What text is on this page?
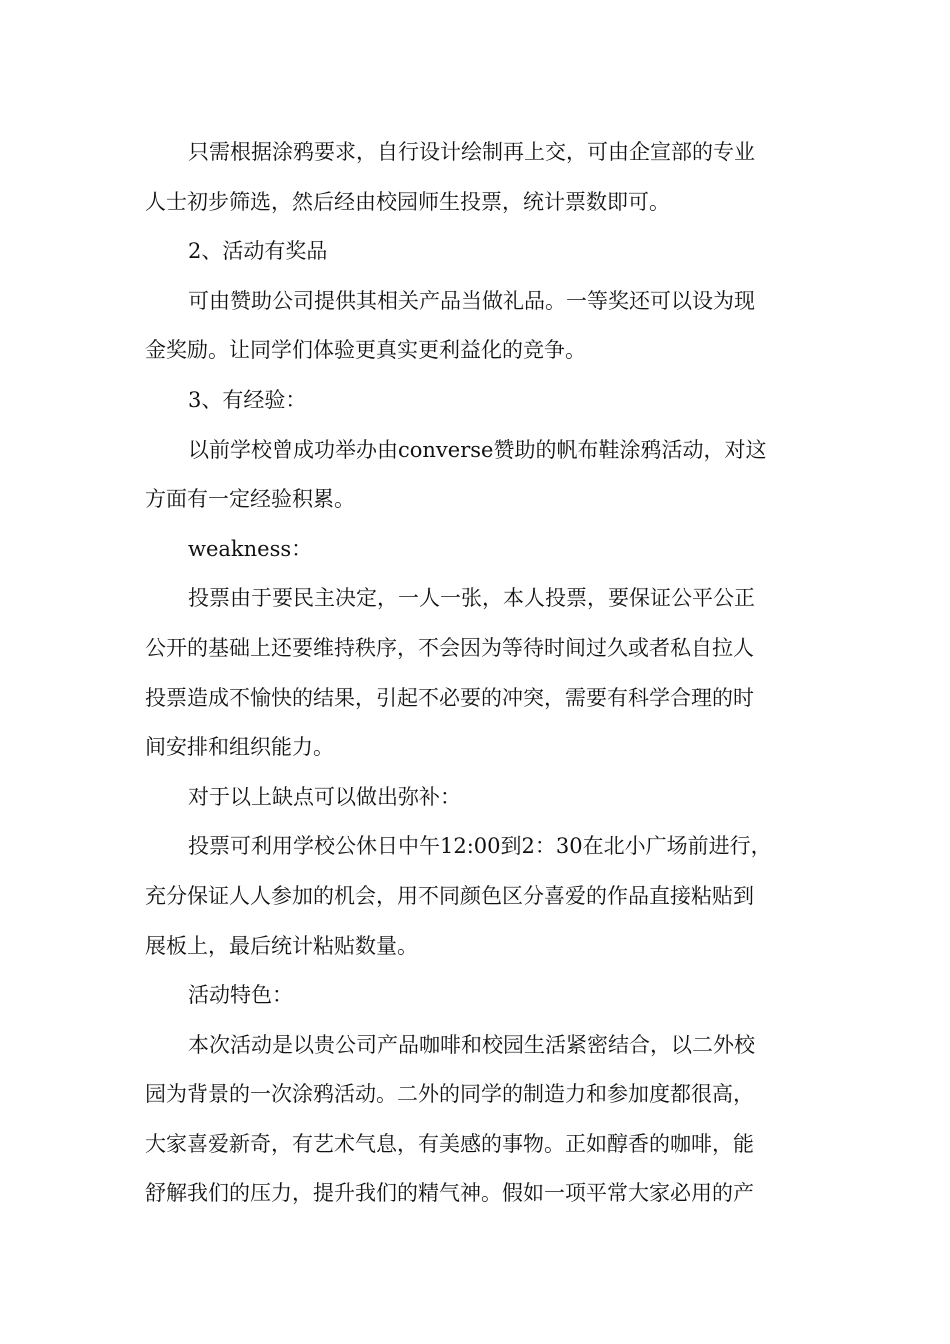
只需根据涂鸦要求，自行设计绘制再上交，可由企宣部的专业
人士初步筛选，然后经由校园师生投票，统计票数即可。
2、活动有奖品
可由赞助公司提供其相关产品当做礼品。一等奖还可以设为现
金奖励。让同学们体验更真实更利益化的竞争。
3、有经验：
以前学校曾成功举办由converse赞助的帆布鞋涂鸦活动，对这
方面有一定经验积累。
weakness：
投票由于要民主决定，一人一张，本人投票，要保证公平公正
公开的基础上还要维持秩序，不会因为等待时间过久或者私自拉人
投票造成不愉快的结果，引起不必要的冲突，需要有科学合理的时
间安排和组织能力。
对于以上缺点可以做出弥补：
投票可利用学校公休日中午12:00到2：30在北小广场前进行，
充分保证人人参加的机会，用不同颜色区分喜爱的作品直接粘贴到
展板上，最后统计粘贴数量。
活动特色：
本次活动是以贵公司产品咖啡和校园生活紧密结合，以二外校
园为背景的一次涂鸦活动。二外的同学的制造力和参加度都很高，
大家喜爱新奇，有艺术气息，有美感的事物。正如醇香的咖啡，能
舒解我们的压力，提升我们的精气神。假如一项平常大家必用的产
